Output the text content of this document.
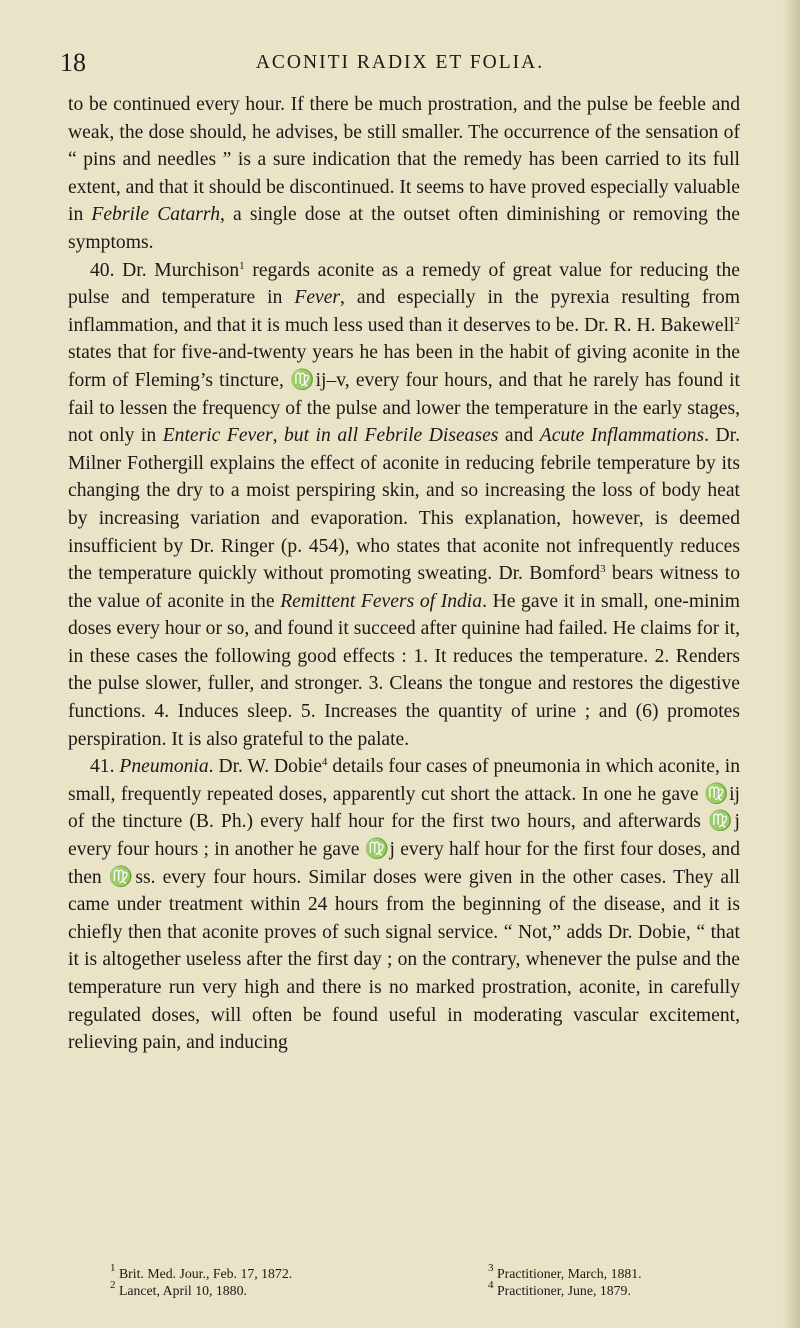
18	ACONITI RADIX ET FOLIA.

to be continued every hour. If there be much prostration, and the pulse be feeble and weak, the dose should, he advises, be still smaller. The occurrence of the sensation of “ pins and needles ” is a sure indication that the remedy has been carried to its full extent, and that it should be discontinued. It seems to have proved especially valuable in Febrile Catarrh, a single dose at the outset often diminishing or removing the symptoms.

40. Dr. Murchison$^1$ regards aconite as a remedy of great value for reducing the pulse and temperature in Fever, and especially in the pyrexia resulting from inflammation, and that it is much less used than it deserves to be. Dr. R. H. Bakewell$^2$ states that for five-and-twenty years he has been in the habit of giving aconite in the form of Fleming’s tincture, ♍ij–v, every four hours, and that he rarely has found it fail to lessen the frequency of the pulse and lower the temperature in the early stages, not only in Enteric Fever, but in all Febrile Diseases and Acute Inflammations. Dr. Milner Fothergill explains the effect of aconite in reducing febrile temperature by its changing the dry to a moist perspiring skin, and so increasing the loss of body heat by increasing variation and evaporation. This explanation, however, is deemed insufficient by Dr. Ringer (p. 454), who states that aconite not infrequently reduces the temperature quickly without promoting sweating. Dr. Bomford$^3$ bears witness to the value of aconite in the Remittent Fevers of India. He gave it in small, one-minim doses every hour or so, and found it succeed after quinine had failed. He claims for it, in these cases the following good effects : 1. It reduces the temperature. 2. Renders the pulse slower, fuller, and stronger. 3. Cleans the tongue and restores the digestive functions. 4. Induces sleep. 5. Increases the quantity of urine ; and (6) promotes perspiration. It is also grateful to the palate.

41. Pneumonia. Dr. W. Dobie$^4$ details four cases of pneumonia in which aconite, in small, frequently repeated doses, apparently cut short the attack. In one he gave ♍ij of the tincture (B. Ph.) every half hour for the first two hours, and afterwards ♍j every four hours ; in another he gave ♍j every half hour for the first four doses, and then ♍ss. every four hours. Similar doses were given in the other cases. They all came under treatment within 24 hours from the beginning of the disease, and it is chiefly then that aconite proves of such signal service. “ Not,” adds Dr. Dobie, “ that it is altogether useless after the first day ; on the contrary, whenever the pulse and the temperature run very high and there is no marked prostration, aconite, in carefully regulated doses, will often be found useful in moderating vascular excitement, relieving pain, and inducing

$^1$ Brit. Med. Jour., Feb. 17, 1872.
$^2$ Lancet, April 10, 1880.
$^3$ Practitioner, March, 1881.
$^4$ Practitioner, June, 1879.
